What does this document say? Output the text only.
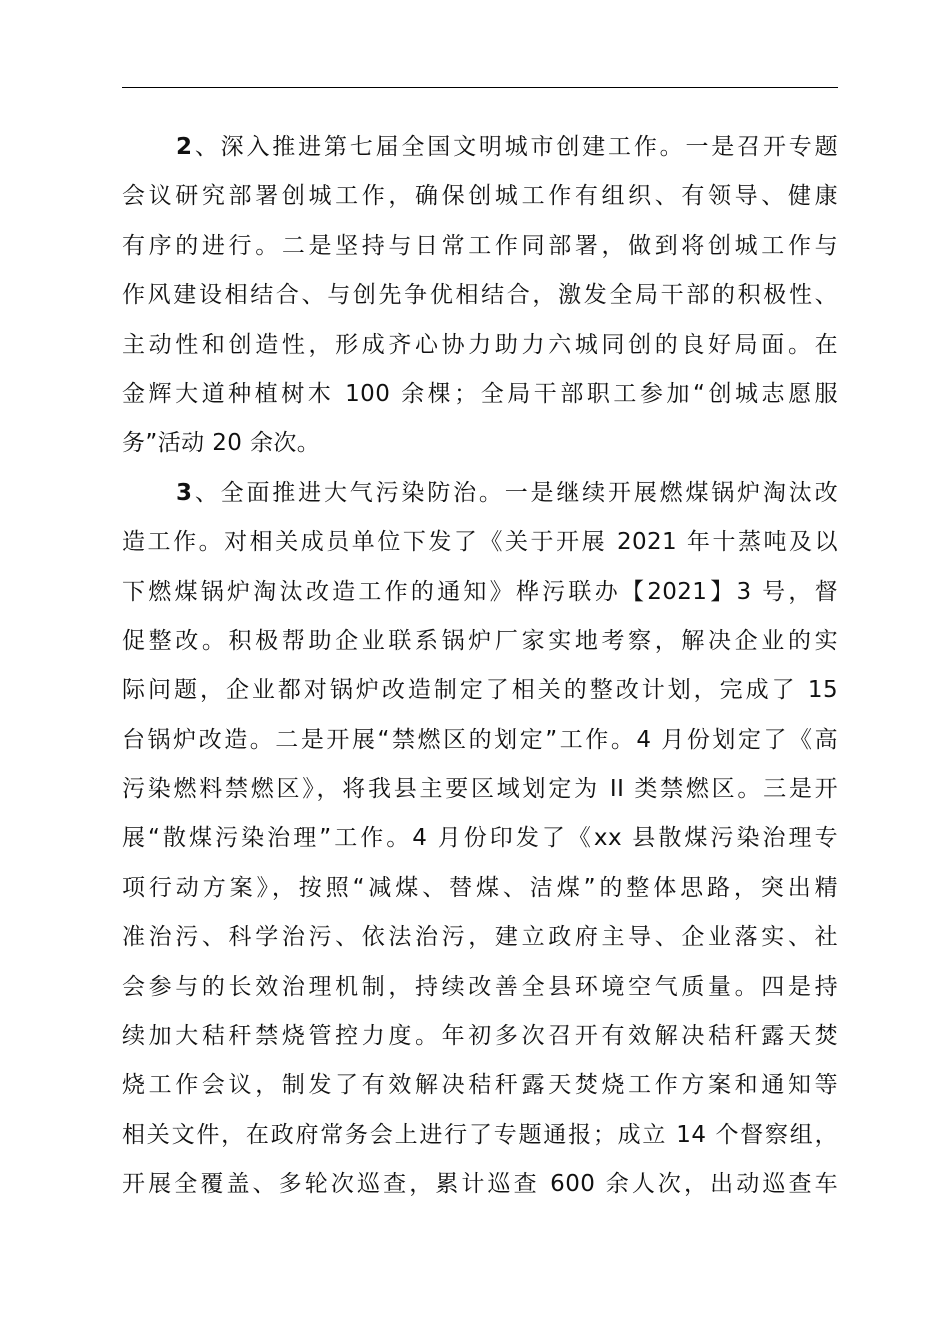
2、深入推进第七届全国文明城市创建工作。一是召开专题
会议研究部署创城工作，确保创城工作有组织、有领导、健康
有序的进行。二是坚持与日常工作同部署，做到将创城工作与
作风建设相结合、与创先争优相结合，激发全局干部的积极性、
主动性和创造性，形成齐心协力助力六城同创的良好局面。在
金辉大道种植树木 100 余棵；全局干部职工参加“创城志愿服
务”活动 20 余次。
3、全面推进大气污染防治。一是继续开展燃煤锅炉淘汰改
造工作。对相关成员单位下发了《关于开展 2021 年十蒸吨及以
下燃煤锅炉淘汰改造工作的通知》桦污联办【2021】3 号，督
促整改。积极帮助企业联系锅炉厂家实地考察，解决企业的实
际问题，企业都对锅炉改造制定了相关的整改计划，完成了 15
台锅炉改造。二是开展“禁燃区的划定”工作。4 月份划定了《高
污染燃料禁燃区》，将我县主要区域划定为 II 类禁燃区。三是开
展“散煤污染治理”工作。4 月份印发了《xx 县散煤污染治理专
项行动方案》，按照“减煤、替煤、洁煤”的整体思路，突出精
准治污、科学治污、依法治污，建立政府主导、企业落实、社
会参与的长效治理机制，持续改善全县环境空气质量。四是持
续加大秸秆禁烧管控力度。年初多次召开有效解决秸秆露天焚
烧工作会议，制发了有效解决秸秆露天焚烧工作方案和通知等
相关文件，在政府常务会上进行了专题通报；成立 14 个督察组，
开展全覆盖、多轮次巡查，累计巡查 600 余人次，出动巡查车
